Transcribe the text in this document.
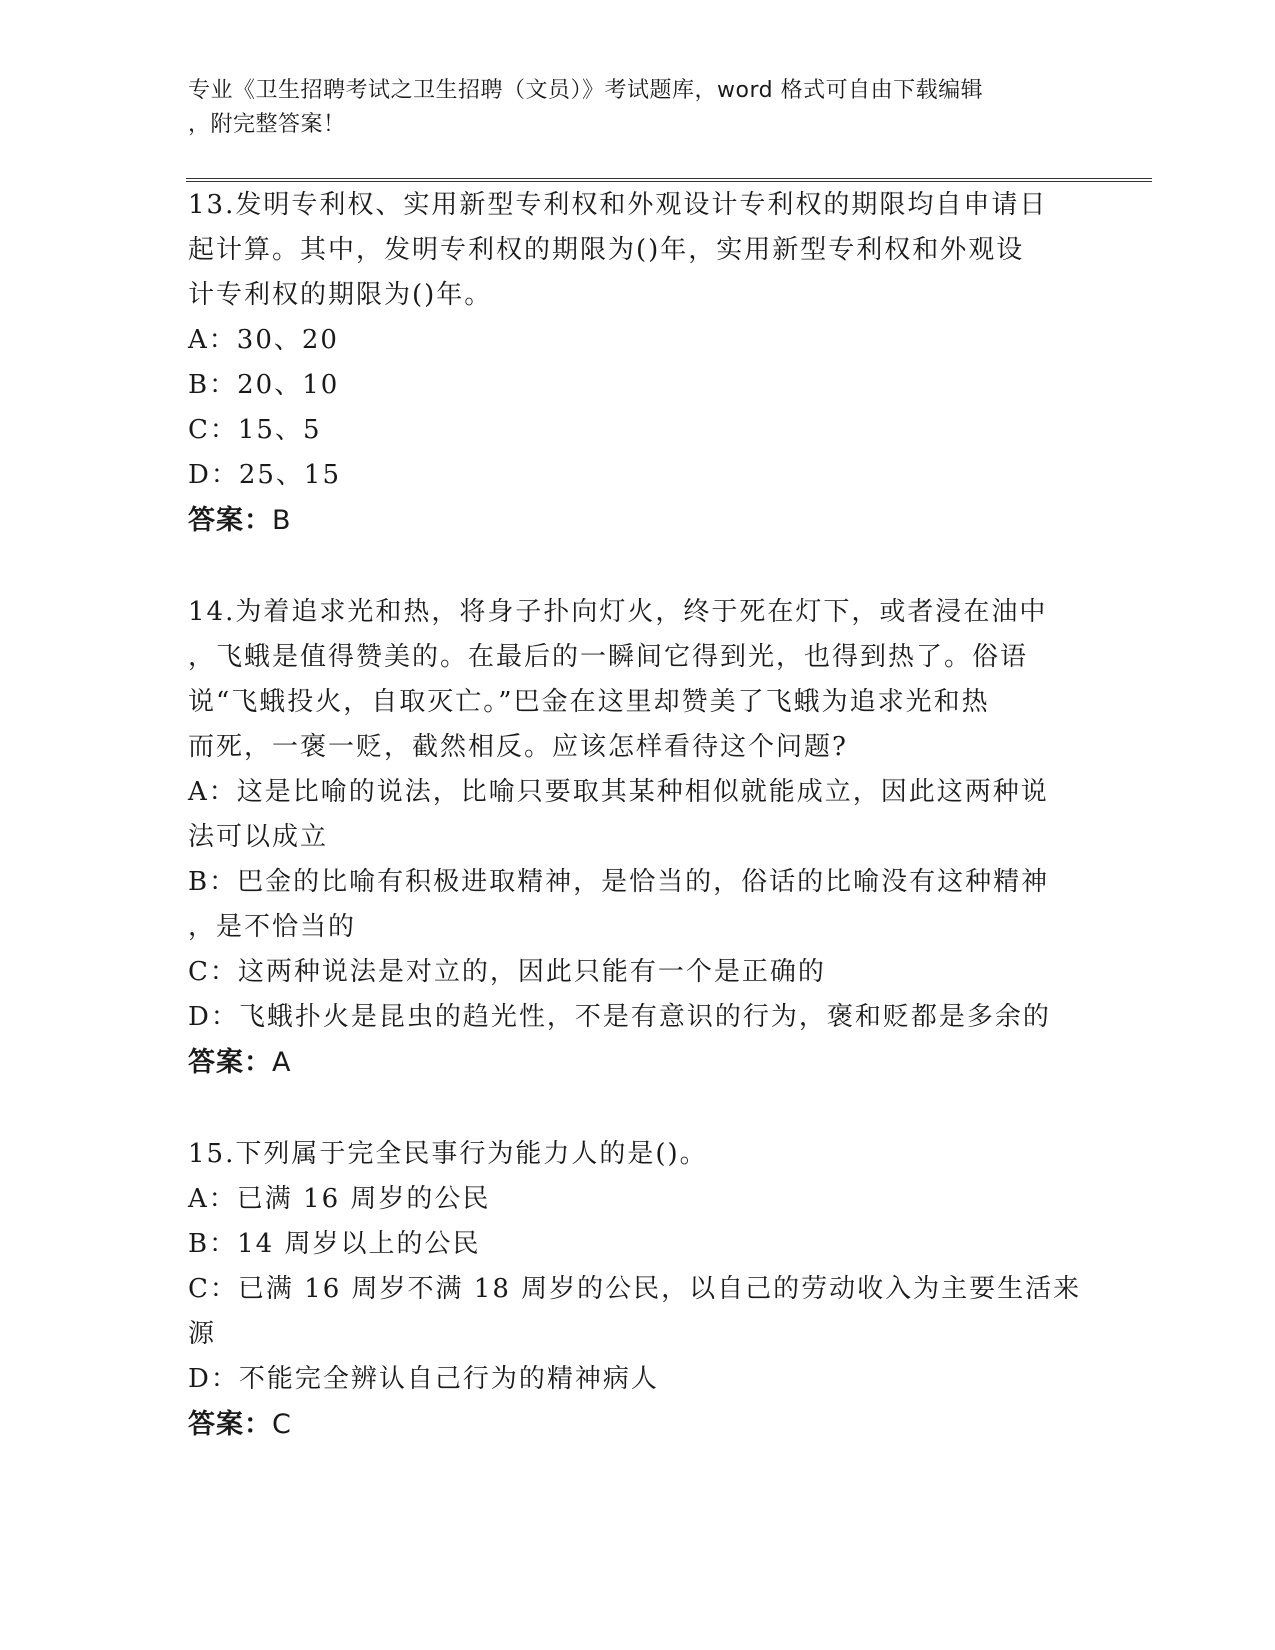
专业《卫生招聘考试之卫生招聘（文员）》考试题库，word 格式可自由下载编辑
，附完整答案！

13.发明专利权、实用新型专利权和外观设计专利权的期限均自申请日

起计算。其中，发明专利权的期限为()年，实用新型专利权和外观设

计专利权的期限为()年。

A：30、20

B：20、10

C：15、5

D：25、15

答案：B

14.为着追求光和热，将身子扑向灯火，终于死在灯下，或者浸在油中

，飞蛾是值得赞美的。在最后的一瞬间它得到光，也得到热了。俗语

说“飞蛾投火，自取灭亡。”巴金在这里却赞美了飞蛾为追求光和热

而死，一褒一贬，截然相反。应该怎样看待这个问题?

A：这是比喻的说法，比喻只要取其某种相似就能成立，因此这两种说

法可以成立

B：巴金的比喻有积极进取精神，是恰当的，俗话的比喻没有这种精神

，是不恰当的

C：这两种说法是对立的，因此只能有一个是正确的

D：飞蛾扑火是昆虫的趋光性，不是有意识的行为，褒和贬都是多余的

答案：A

15.下列属于完全民事行为能力人的是()。

A：已满 16 周岁的公民

B：14 周岁以上的公民

C：已满 16 周岁不满 18 周岁的公民，以自己的劳动收入为主要生活来

源

D：不能完全辨认自己行为的精神病人

答案：C
